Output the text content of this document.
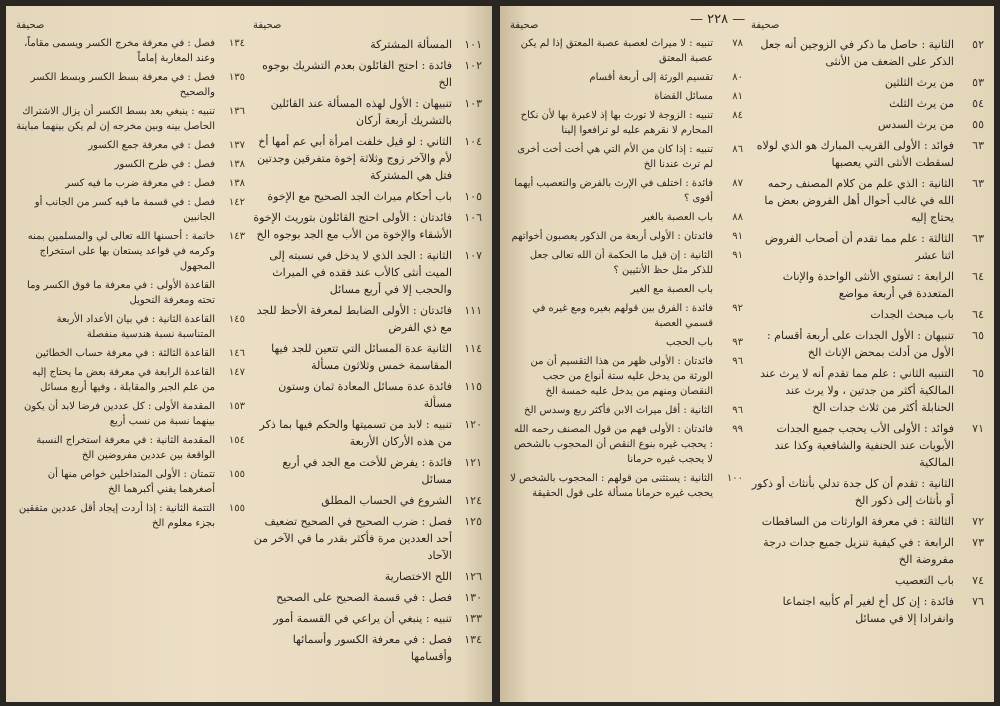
صحيفة
١٠١
المسألة المشتركة
١٠٢
فائدة : احتج القائلون بعدم التشريك بوجوه الخ
١٠٣
تنبيهان : الأول لهذه المسألة عند القائلين بالتشريك أربعة أركان
١٠٤
الثاني : لو قيل خلفت امرأة أبي عم أمها أخ لأم والآخر زوج وثلاثة إخوة متفرقين وجدتين فتل هي المشتركة
١٠٥
باب أحكام ميراث الجد الصحيح مع الإخوة
١٠٦
فائدتان : الأولى احتج القائلون بتوريث الإخوة الأشقاء والإخوة من الأب مع الجد بوجوه الخ
١٠٧
الثانية : الجد الذي لا يدخل في نسبته إلى الميت أنثى كالأب عند فقده في الميراث والحجب إلا في أربع مسائل
١١١
فائدتان : الأولى الضابط لمعرفة الأحظ للجد مع ذي الفرض
١١٤
الثانية عدة المسائل التي تتعين للجد فيها المقاسمة خمس وثلاثون مسألة
١١٥
فائدة عدة مسائل المعادة ثمان وستون مسألة
١٢٠
تنبيه : لابد من تسميتها والحكم فيها بما ذكر من هذه الأركان الأربعة
١٢١
فائدة : يفرض للأخت مع الجد في أربع مسائل
١٢٤
الشروع في الحساب المطلق
١٢٥
فصل : ضرب الصحيح في الصحيح تضعيف أحد العددين مرة فأكثر بقدر ما في الآخر من الآحاد
١٢٦
اللح الاختصارية
١٣٠
فصل : في قسمة الصحيح على الصحيح
١٣٣
تنبيه : ينبغي أن يراعي في القسمة أمور
١٣٤
فصل : في معرفة الكسور وأسمائها وأقسامها
صحيفة
١٣٤
فصل : في معرفة مخرج الكسر ويسمى مقاماً، وعند المغاربة إماماً
١٣٥
فصل : في معرفة بسط الكسر وبسط الكسر والصحيح
١٣٦
تنبيه : ينبغي بعد بسط الكسر أن يزال الاشتراك الحاصل بينه وبين مخرجه إن لم يكن بينهما مباينة
١٣٧
فصل : في معرفة جمع الكسور
١٣٨
فصل : في طرح الكسور
١٣٨
فصل : في معرفة ضرب ما فيه كسر
١٤٢
فصل : في قسمة ما فيه كسر من الجانب أو الجانبين
١٤٣
خاتمة : أحسنها الله تعالى لي والمسلمين بمنه وكرمه في قواعد يستعان بها على استخراج المجهول
القاعدة الأولى : في معرفة ما فوق الكسر وما تحته ومعرفة التحويل
١٤٥
القاعدة الثانية : في بيان الأعداد الأربعة المتناسبة نسبة هندسية منفصلة
١٤٦
القاعدة الثالثة : في معرفة حساب الخطائين
١٤٧
القاعدة الرابعة في معرفة بعض ما يحتاج إليه من علم الجبر والمقابلة ، وفيها أربع مسائل
١٥٣
المقدمة الأولى : كل عددين فرضا لابد أن يكون بينهما نسبة من نسب أربع
١٥٤
المقدمة الثانية : في معرفة استخراج النسبة الواقعة بين عددين مفروضين الخ
١٥٥
تتمتان : الأولى المتداخلين خواص منها أن أصغرهما يفني أكبرهما الخ
١٥٥
التتمة الثانية : إذا أردت إيجاد أقل عددين متفقين بجزء معلوم الخ
— ٢٢٨ — صحيفة
٥٢
الثانية : حاصل ما ذكر في الزوجين أنه جعل الذكر على الضعف من الأنثى
٥٣
من يرث الثلثين
٥٤
من يرث الثلث
٥٥
من يرث السدس
٦٣
فوائد : الأولى القريب المبارك هو الذي لولاه لسقطت الأنثى التي يعصبها
٦٣
الثانية : الذي علم من كلام المصنف رحمه الله في غالب أحوال أهل الفروض بعض ما يحتاج إليه
٦٣
الثالثة : علم مما تقدم أن أصحاب الفروض اثنا عشر
٦٤
الرابعة : تستوي الأنثى الواحدة والإناث المتعددة في أربعة مواضع
٦٤
باب مبحث الجدات
٦٥
تنبيهان : الأول الجدات على أربعة أقسام : الأول من أدلت بمحض الإناث الخ
٦٥
التنبيه الثاني : علم مما تقدم أنه لا يرث عند المالكية أكثر من جدتين ، ولا يرث عند الحنابلة أكثر من ثلاث جدات الخ
٧١
فوائد : الأولى الأب يحجب جميع الجدات الأبويات عند الحنفية والشافعية وكذا عند المالكية
الثانية : تقدم أن كل جدة تدلي بأنثاث أو ذكور أو بأنثاث إلى ذكور الخ
٧٢
الثالثة : في معرفة الوارثات من الساقطات
٧٣
الرابعة : في كيفية تنزيل جميع جدات درجة مفروضة الخ
٧٤
باب التعصيب
٧٦
فائدة : إن كل أخ لغير أم كأبيه اجتماعا وانفرادا إلا في مسائل
صحيفة
٧٨
تنبيه : لا ميراث لعصبة عصبة المعتق إذا لم يكن عصبة المعتق
٨٠
تقسيم الورثة إلى أربعة أقسام
٨١
مسائل القضاة
٨٤
تنبيه : الزوجة لا تورث بها إذ لاعبرة بها لأن نكاح المحارم لا نقرهم عليه لو ترافعوا إلينا
٨٦
تنبيه : إذا كان من الأم التي هي أخت أخت أخرى لم ترث عندنا الخ
٨٧
فائدة : اختلف في الإرث بالفرض والتعصيب أيهما أقوى ؟
٨٨
باب العصبة بالغير
٩١
فائدتان : الأولى أربعة من الذكور يعصبون أخواتهم
٩١
الثانية : إن قيل ما الحكمة أن الله تعالى جعل للذكر مثل حظ الأنثيين ؟
باب العصبة مع الغير
٩٢
فائدة : الفرق بين قولهم بغيره ومع غيره في قسمي العصبة
٩٣
باب الحجب
٩٦
فائدتان : الأولى ظهر من هذا التقسيم أن من الورثة من يدخل عليه ستة أنواع من حجب النقصان ومنهم من يدخل عليه خمسة الخ
٩٦
الثانية : أقل ميراث الابن فأكثر ربع وسدس الخ
٩٩
فائدتان : الأولى فهم من قول المصنف رحمه الله : يحجب غيره بنوع النقص أن المحجوب بالشخص لا يحجب غيره حرمانا
١٠٠
الثانية : يستثنى من قولهم : المحجوب بالشخص لا يحجب غيره حرمانا مسألة على قول الحقيقة
